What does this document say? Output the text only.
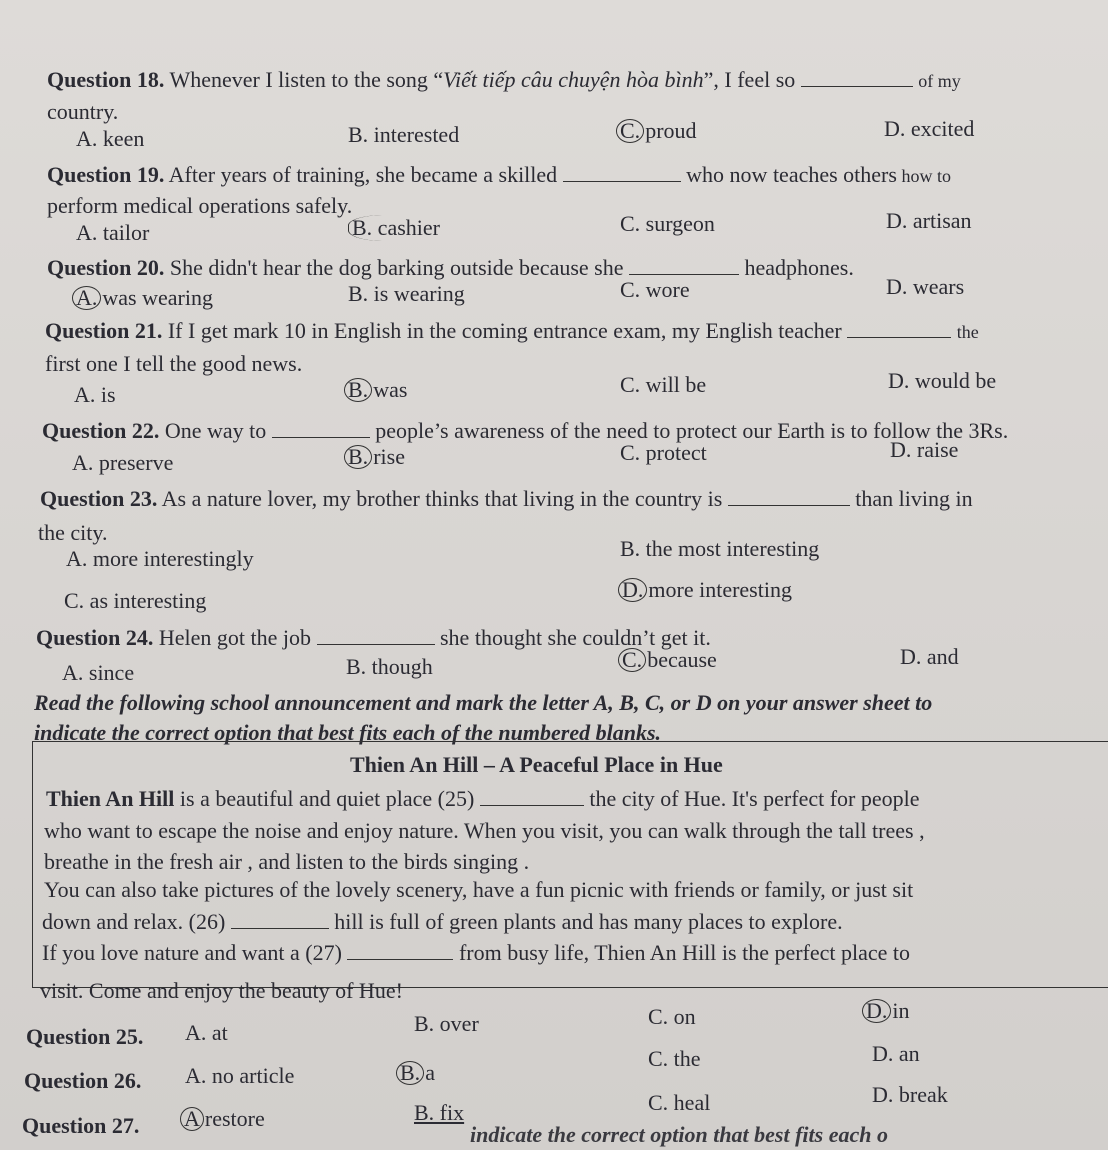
Question 18. Whenever I listen to the song “Viết tiếp câu chuyện hòa bình”, I feel so	of my
country.
A. keen	B. interested	C. proud	D. excited
Question 19. After years of training, she became a skilled	who now teaches others how to
perform medical operations safely.
A. tailor	B. cashier	C. surgeon	D. artisan
Question 20. She didn't hear the dog barking outside because she	headphones.
A. was wearing	B. is wearing	C. wore	D. wears
Question 21. If I get mark 10 in English in the coming entrance exam, my English teacher	the
first one I tell the good news.
A. is	B. was	C. will be	D. would be
Question 22. One way to	people’s awareness of the need to protect our Earth is to follow the 3Rs.
A. preserve	B. rise	C. protect	D. raise
Question 23. As a nature lover, my brother thinks that living in the country is	than living in
the city.
A. more interestingly	B. the most interesting
C. as interesting	D. more interesting
Question 24. Helen got the job	she thought she couldn’t get it.
A. since	B. though	C. because	D. and
Read the following school announcement and mark the letter A, B, C, or D on your answer sheet to
indicate the correct option that best fits each of the numbered blanks.
Thien An Hill – A Peaceful Place in Hue
Thien An Hill is a beautiful and quiet place (25)	the city of Hue. It's perfect for people
who want to escape the noise and enjoy nature. When you visit, you can walk through the tall trees ,
breathe in the fresh air , and listen to the birds singing .
You can also take pictures of the lovely scenery, have a fun picnic with friends or family, or just sit
down and relax. (26)	hill is full of green plants and has many places to explore.
If you love nature and want a (27)	from busy life, Thien An Hill is the perfect place to
visit. Come and enjoy the beauty of Hue!
Question 25. A. at	B. over	C. on	D. in
Question 26. A. no article	B. a
C. the	D. an
Question 27. A restore	B. fix	C. heal	D. break
indicate the correct option that best fits each o
